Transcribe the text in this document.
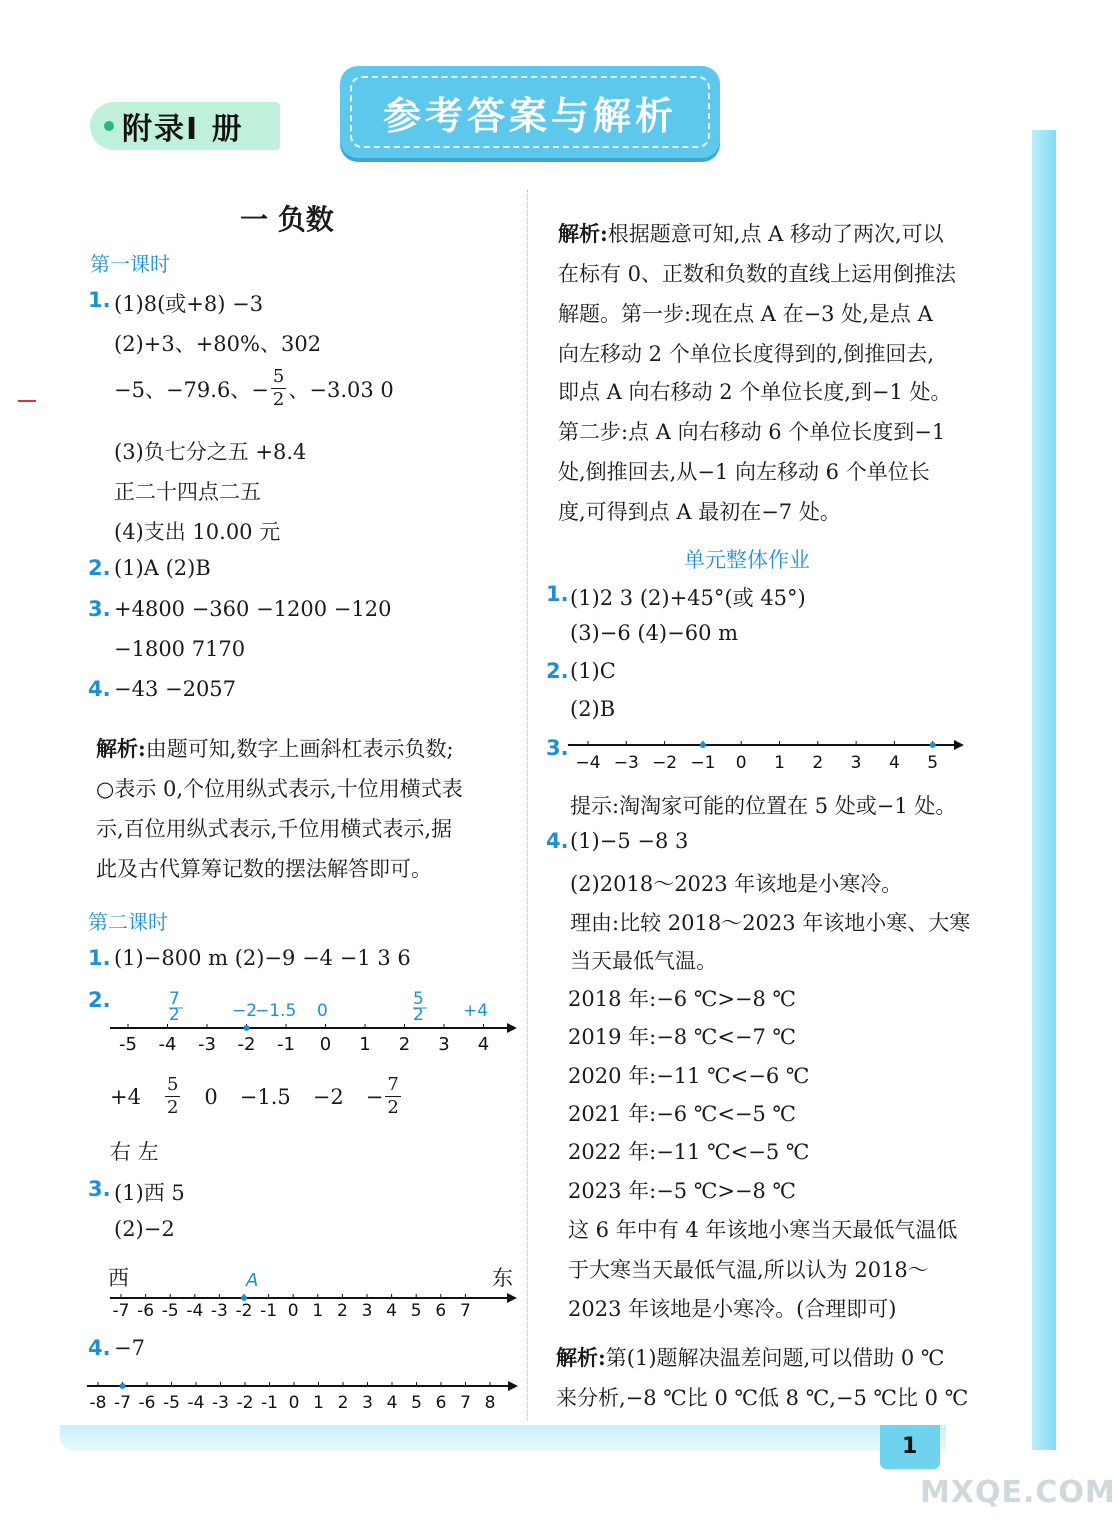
1
MXQE.COM
附录I 册	参考答案与解析
一 负数
第一课时
1. (1)8(或+8) −3
(2)+3、+80%、302
−5、−79.6、− $\frac{5}{2}$ 、−3.03 0
(3)负七分之五 +8.4
正二十四点二五
(4)支出 10.00 元
2. (1)A (2)B
3. +4800 −360 −1200 −120
−1800 7170
4. −43 −2057
解析:由题可知,数字上画斜杠表示负数;
○表示 0,个位用纵式表示,十位用横式表
示,百位用纵式表示,千位用横式表示,据
此及古代算筹记数的摆法解答即可。
第二课时
1. (1)−800 m (2)−9 −4 −1 3 6
2.
-5 -4 -3 -2 -1 0 1 2 3 4
7
2	−2
−1.5 0
5
2 +4
$+4 \frac{5}{2} 0 -1.5 -2 - \frac{7}{2}$
右 左
3. (1)西 5
(2)−2
西	东
A
-7 -6 -5 -4 -3 -2 -1 0 1 2 3 4 5 6 7
4. −7
-8 -7 -6 -5 -4 -3 -2 -1 0 1 2 3 4 5 6 7 8
解析:根据题意可知,点 A 移动了两次,可以
在标有 0、正数和负数的直线上运用倒推法
解题。第一步:现在点 A 在−3 处,是点 A
向左移动 2 个单位长度得到的,倒推回去,
即点 A 向右移动 2 个单位长度,到−1 处。
第二步:点 A 向右移动 6 个单位长度到−1
处,倒推回去,从−1 向左移动 6 个单位长
度,可得到点 A 最初在−7 处。
单元整体作业
1. (1)2 3 (2)+45°(或 45°)
(3)−6 (4)−60 m
2. (1)C
(2)B
3.
−4 −3 −2 −1 0 1 2 3 4 5
提示:淘淘家可能的位置在 5 处或−1 处。
4. (1)−5 −8 3
(2)2018～2023 年该地是小寒冷。
理由:比较 2018～2023 年该地小寒、大寒
当天最低气温。
2018 年:−6 ℃>−8 ℃
2019 年:−8 ℃<−7 ℃
2020 年:−11 ℃<−6 ℃
2021 年:−6 ℃<−5 ℃
2022 年:−11 ℃<−5 ℃
2023 年:−5 ℃>−8 ℃
这 6 年中有 4 年该地小寒当天最低气温低
于大寒当天最低气温,所以认为 2018～
2023 年该地是小寒冷。(合理即可)
解析:第(1)题解决温差问题,可以借助 0 ℃
来分析,−8 ℃比 0 ℃低 8 ℃,−5 ℃比 0 ℃
